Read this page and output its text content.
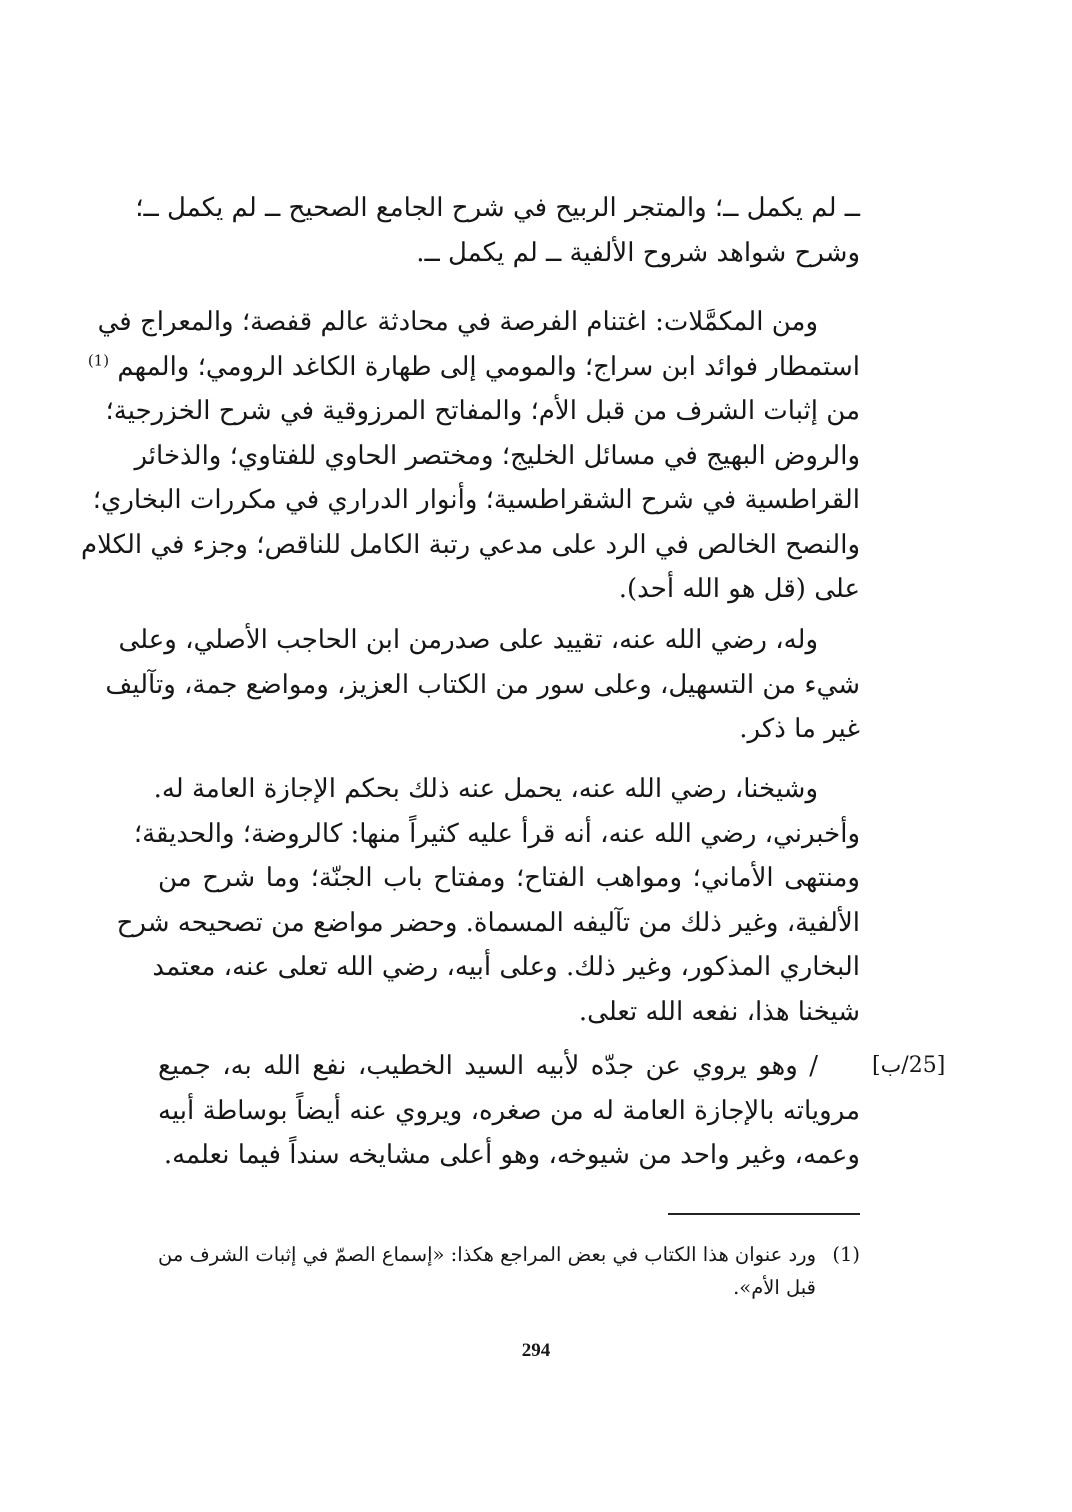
ــ لم يكمل ــ؛ والمتجر الربيح في شرح الجامع الصحيح ــ لم يكمل ــ؛
وشرح شواهد شروح الألفية ــ لم يكمل ــ.
ومن المكمَّلات: اغتنام الفرصة في محادثة عالم قفصة؛ والمعراج في
استمطار فوائد ابن سراج؛ والمومي إلى طهارة الكاغد الرومي؛ والمهم $^{(1)}$
من إثبات الشرف من قبل الأم؛ والمفاتح المرزوقية في شرح الخزرجية؛
والروض البهيج في مسائل الخليج؛ ومختصر الحاوي للفتاوي؛ والذخائر
القراطسية في شرح الشقراطسية؛ وأنوار الدراري في مكررات البخاري؛
والنصح الخالص في الرد على مدعي رتبة الكامل للناقص؛ وجزء في الكلام
على (قل هو الله أحد).
وله، رضي الله عنه، تقييد على صدرمن ابن الحاجب الأصلي، وعلى
شيء من التسهيل، وعلى سور من الكتاب العزيز، ومواضع جمة، وتآليف
غير ما ذكر.
وشيخنا، رضي الله عنه، يحمل عنه ذلك بحكم الإجازة العامة له.
وأخبرني، رضي الله عنه، أنه قرأ عليه كثيراً منها: كالروضة؛ والحديقة؛
ومنتهى الأماني؛ ومواهب الفتاح؛ ومفتاح باب الجنّة؛ وما شرح من
الألفية، وغير ذلك من تآليفه المسماة. وحضر مواضع من تصحيحه شرح
البخاري المذكور، وغير ذلك. وعلى أبيه، رضي الله تعلى عنه، معتمد
شيخنا هذا، نفعه الله تعلى.
[25/ب]
/ وهو يروي عن جدّه لأبيه السيد الخطيب، نفع الله به، جميع
مروياته بالإجازة العامة له من صغره، ويروي عنه أيضاً بوساطة أبيه
وعمه، وغير واحد من شيوخه، وهو أعلى مشايخه سنداً فيما نعلمه.
(1)ورد عنوان هذا الكتاب في بعض المراجع هكذا: «إسماع الصمّ في إثبات الشرف من
قبل الأم».
294
